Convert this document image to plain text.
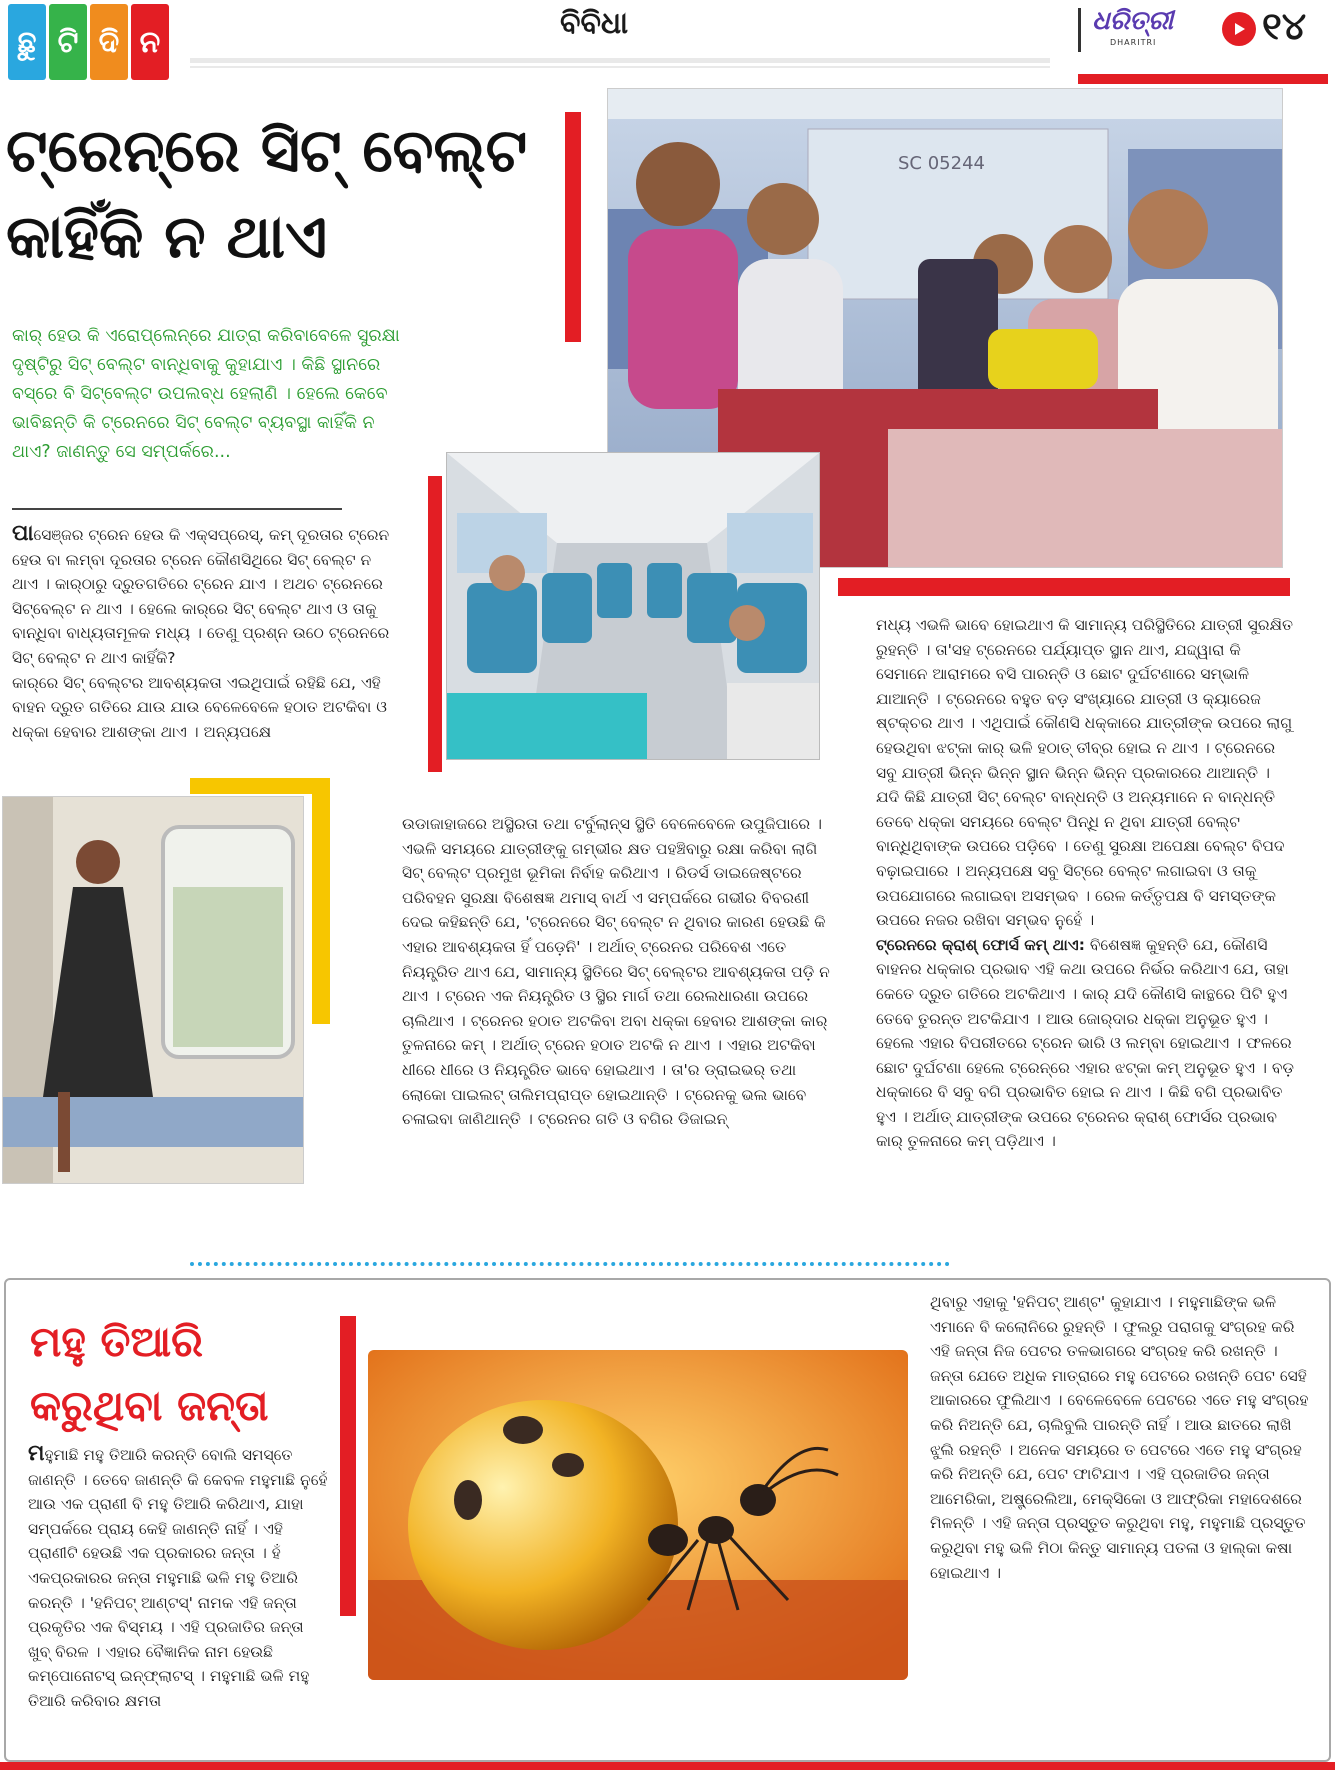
ଛୁ ଟି ଦି ନ
ବିବିଧା	ଧରିତ୍ରୀ
DHARITRI	୧୪
ଟ୍ରେନ୍‌ରେ ସିଟ୍ ବେଲ୍ଟ
କାହିଁକି ନ ଥାଏ
କାର୍ ହେଉ କି ଏରୋପ୍ଲେନ୍‌ରେ ଯାତ୍ରା କରିବାବେଳେ ସୁରକ୍ଷା ଦୃଷ୍ଟିରୁ ସିଟ୍ ବେଲ୍ଟ ବାନ୍ଧିବାକୁ କୁହାଯାଏ । କିଛି ସ୍ଥାନରେ ବସ୍‌ରେ ବି ସିଟ୍‌ବେଲ୍ଟ ଉପଲବ୍ଧ ହେଲାଣି । ହେଲେ କେବେ ଭାବିଛନ୍ତି କି ଟ୍ରେନରେ ସିଟ୍ ବେଲ୍ଟ ବ୍ୟବସ୍ଥା କାହିଁକି ନ ଥାଏ? ଜାଣନ୍ତୁ ସେ ସମ୍ପର୍କରେ...
SC 05244

ପାସେଞ୍ଜର ଟ୍ରେନ ହେଉ କି ଏକ୍ସପ୍ରେସ୍, କମ୍ ଦୂରତାର ଟ୍ରେନ ହେଉ ବା ଲମ୍ବା ଦୂରତାର ଟ୍ରେନ କୌଣସିଥିରେ ସିଟ୍ ବେଲ୍ଟ ନ ଥାଏ । କାର୍‌ଠାରୁ ଦ୍ରୁତଗତିରେ ଟ୍ରେନ ଯାଏ । ଅଥଚ ଟ୍ରେନରେ ସିଟ୍‌ବେଲ୍ଟ ନ ଥାଏ । ହେଲେ କାର୍‌ରେ ସିଟ୍ ବେଲ୍ଟ ଥାଏ ଓ ତାକୁ ବାନ୍ଧିବା ବାଧ୍ୟତାମୂଳକ ମଧ୍ୟ । ତେଣୁ ପ୍ରଶ୍ନ ଉଠେ ଟ୍ରେନରେ ସିଟ୍ ବେଲ୍ଟ ନ ଥାଏ କାହିଁକି?

କାର୍‌ରେ ସିଟ୍ ବେଲ୍ଟର ଆବଶ୍ୟକତା ଏଇଥିପାଇଁ ରହିଛି ଯେ, ଏହି ବାହନ ଦ୍ରୁତ ଗତିରେ ଯାଉ ଯାଉ ବେଳେବେଳେ ହଠାତ ଅଟକିବା ଓ ଧକ୍କା ହେବାର ଆଶଙ୍କା ଥାଏ । ଅନ୍ୟପକ୍ଷେ

ଉଡାଜାହାଜରେ ଅସ୍ଥିରତା ତଥା ଟର୍ବୁଲାନ୍ସ ସ୍ଥିତି ବେଳେବେଳେ ଉପୁଜିପାରେ । ଏଭଳି ସମୟରେ ଯାତ୍ରୀଙ୍କୁ ଗମ୍ଭୀର କ୍ଷତ ପହଞ୍ଚିବାରୁ ରକ୍ଷା କରିବା ଲାଗି ସିଟ୍ ବେଲ୍ଟ ପ୍ରମୁଖ ଭୂମିକା ନିର୍ବାହ କରିଥାଏ । ରିଡର୍ସ ଡାଇଜେଷ୍ଟରେ ପରିବହନ ସୁରକ୍ଷା ବିଶେଷଜ୍ଞ ଥମାସ୍ ବାର୍ଥ ଏ ସମ୍ପର୍କରେ ଗଭୀର ବିବରଣୀ ଦେଇ କହିଛନ୍ତି ଯେ, 'ଟ୍ରେନରେ ସିଟ୍ ବେଲ୍ଟ ନ ଥିବାର କାରଣ ହେଉଛି କି ଏହାର ଆବଶ୍ୟକତା ହିଁ ପଡ଼େନି' । ଅର୍ଥାତ୍ ଟ୍ରେନର ପରିବେଶ ଏତେ ନିୟନ୍ତ୍ରିତ ଥାଏ ଯେ, ସାମାନ୍ୟ ସ୍ଥିତିରେ ସିଟ୍ ବେଲ୍ଟର ଆବଶ୍ୟକତା ପଡ଼ି ନ ଥାଏ । ଟ୍ରେନ ଏକ ନିୟନ୍ତ୍ରିତ ଓ ସ୍ଥିର ମାର୍ଗ ତଥା ରେଲଧାରଣା ଉପରେ ଚାଲିଥାଏ । ଟ୍ରେନର ହଠାତ ଅଟକିବା ଅବା ଧକ୍କା ହେବାର ଆଶଙ୍କା କାର୍ ତୁଳନାରେ କମ୍ । ଅର୍ଥାତ୍ ଟ୍ରେନ ହଠାତ ଅଟକି ନ ଥାଏ । ଏହାର ଅଟକିବା ଧୀରେ ଧୀରେ ଓ ନିୟନ୍ତ୍ରିତ ଭାବେ ହୋଇଥାଏ । ତା'ର ଡ୍ରାଇଭର୍ ତଥା ଲୋକୋ ପାଇଲଟ୍ ତାଲିମପ୍ରାପ୍ତ ହୋଇଥାନ୍ତି । ଟ୍ରେନକୁ ଭଲ ଭାବେ ଚଳାଇବା ଜାଣିଥାନ୍ତି । ଟ୍ରେନର ଗତି ଓ ବଗିର ଡିଜାଇନ୍

ମଧ୍ୟ ଏଭଳି ଭାବେ ହୋଇଥାଏ କି ସାମାନ୍ୟ ପରିସ୍ଥିତିରେ ଯାତ୍ରୀ ସୁରକ୍ଷିତ ରୁହନ୍ତି । ତା'ସହ ଟ୍ରେନରେ ପର୍ଯ୍ୟାପ୍ତ ସ୍ଥାନ ଥାଏ, ଯଦ୍ଦ୍ୱାରା କି ସେମାନେ ଆରାମରେ ବସି ପାରନ୍ତି ଓ ଛୋଟ ଦୁର୍ଘଟଣାରେ ସମ୍ଭାଳି ଯାଆନ୍ତି । ଟ୍ରେନରେ ବହୁତ ବଡ଼ ସଂଖ୍ୟାରେ ଯାତ୍ରୀ ଓ କ୍ୟାରେଜ ଷ୍ଟକ୍ଚର ଥାଏ । ଏଥିପାଇଁ କୌଣସି ଧକ୍କାରେ ଯାତ୍ରୀଙ୍କ ଉପରେ ଲାଗୁ ହେଉଥିବା ଝଟ୍‌କା କାର୍ ଭଳି ହଠାତ୍ ତୀବ୍ର ହୋଇ ନ ଥାଏ । ଟ୍ରେନରେ ସବୁ ଯାତ୍ରୀ ଭିନ୍ନ ଭିନ୍ନ ସ୍ଥାନ ଭିନ୍ନ ଭିନ୍ନ ପ୍ରକାରରେ ଥାଆନ୍ତି । ଯଦି କିଛି ଯାତ୍ରୀ ସିଟ୍ ବେଲ୍ଟ ବାନ୍ଧନ୍ତି ଓ ଅନ୍ୟମାନେ ନ ବାନ୍ଧନ୍ତି ତେବେ ଧକ୍କା ସମୟରେ ବେଲ୍ଟ ପିନ୍ଧି ନ ଥିବା ଯାତ୍ରୀ ବେଲ୍ଟ ବାନ୍ଧିଥିବାଙ୍କ ଉପରେ ପଡ଼ିବେ । ତେଣୁ ସୁରକ୍ଷା ଅପେକ୍ଷା ବେଲ୍ଟ ବିପଦ ବଢ଼ାଇପାରେ । ଅନ୍ୟପକ୍ଷେ ସବୁ ସିଟ୍‌ରେ ବେଲ୍ଟ ଲଗାଇବା ଓ ତାକୁ ଉପଯୋଗରେ ଲଗାଇବା ଅସମ୍ଭବ । ରେଳ କର୍ତ୍ତୃପକ୍ଷ ବି ସମସ୍ତଙ୍କ ଉପରେ ନଜର ରଖିବା ସମ୍ଭବ ନୁହେଁ ।

ଟ୍ରେନରେ କ୍ରାଶ୍ ଫୋର୍ସ କମ୍ ଥାଏ: ବିଶେଷଜ୍ଞ କୁହନ୍ତି ଯେ, କୌଣସି ବାହନର ଧକ୍କାର ପ୍ରଭାବ ଏହି କଥା ଉପରେ ନିର୍ଭର କରିଥାଏ ଯେ, ତାହା କେତେ ଦ୍ରୁତ ଗତିରେ ଅଟକିଥାଏ । କାର୍ ଯଦି କୌଣସି କାନ୍ଥରେ ପିଟି ହୁଏ ତେବେ ତୁରନ୍ତ ଅଟକିଯାଏ । ଆଉ ଜୋର୍‌ଦାର ଧକ୍କା ଅନୁଭୂତ ହୁଏ । ହେଲେ ଏହାର ବିପରୀତରେ ଟ୍ରେନ ଭାରି ଓ ଲମ୍ବା ହୋଇଥାଏ । ଫଳରେ ଛୋଟ ଦୁର୍ଘଟଣା ହେଲେ ଟ୍ରେନ୍‌ରେ ଏହାର ଝଟ୍‌କା କମ୍ ଅନୁଭୂତ ହୁଏ । ବଡ଼ ଧକ୍କାରେ ବି ସବୁ ବଗି ପ୍ରଭାବିତ ହୋଇ ନ ଥାଏ । କିଛି ବଗି ପ୍ରଭାବିତ ହୁଏ । ଅର୍ଥାତ୍ ଯାତ୍ରୀଙ୍କ ଉପରେ ଟ୍ରେନର କ୍ରାଶ୍ ଫୋର୍ସର ପ୍ରଭାବ କାର୍ ତୁଳନାରେ କମ୍ ପଡ଼ିଥାଏ ।

ମହୁ ତିଆରି
କରୁଥିବା ଜନ୍ତା

ମହୁମାଛି ମହୁ ତିଆରି କରନ୍ତି ବୋଲି ସମସ୍ତେ ଜାଣନ୍ତି । ତେବେ ଜାଣନ୍ତି କି କେବଳ ମହୁମାଛି ନୁହେଁ ଆଉ ଏକ ପ୍ରାଣୀ ବି ମହୁ ତିଆରି କରିଥାଏ, ଯାହା ସମ୍ପର୍କରେ ପ୍ରାୟ କେହି ଜାଣନ୍ତି ନାହିଁ । ଏହି ପ୍ରାଣୀଟି ହେଉଛି ଏକ ପ୍ରକାରର ଜନ୍ତା । ହଁ ଏକପ୍ରକାରର ଜନ୍ତା ମହୁମାଛି ଭଳି ମହୁ ତିଆରି କରନ୍ତି । 'ହନିପଟ୍ ଆଣ୍ଟସ୍' ନାମକ ଏହି ଜନ୍ତା ପ୍ରକୃତିର ଏକ ବିସ୍ମୟ । ଏହି ପ୍ରଜାତିର ଜନ୍ତା ଖୁବ୍ ବିରଳ । ଏହାର ବୈଜ୍ଞାନିକ ନାମ ହେଉଛି କମ୍ପୋନୋଟସ୍ ଇନ୍‌ଫ୍ଲାଟସ୍ । ମହୁମାଛି ଭଳି ମହୁ ତିଆରି କରିବାର କ୍ଷମତା

ଥିବାରୁ ଏହାକୁ 'ହନିପଟ୍ ଆଣ୍ଟ' କୁହାଯାଏ । ମହୁମାଛିଙ୍କ ଭଳି ଏମାନେ ବି କଲୋନିରେ ରୁହନ୍ତି । ଫୁଲରୁ ପରାଗକୁ ସଂଗ୍ରହ କରି ଏହି ଜନ୍ତା ନିଜ ପେଟର ତଳଭାଗରେ ସଂଗ୍ରହ କରି ରଖନ୍ତି । ଜନ୍ତା ଯେତେ ଅଧିକ ମାତ୍ରାରେ ମହୁ ପେଟରେ ରଖନ୍ତି ପେଟ ସେହି ଆକାରରେ ଫୁଲିଥାଏ । ବେଳେବେଳେ ପେଟରେ ଏତେ ମହୁ ସଂଗ୍ରହ କରି ନିଅନ୍ତି ଯେ, ଚାଲିବୁଲି ପାରନ୍ତି ନାହିଁ । ଆଉ ଛାତରେ ଲାଖି ଝୁଲି ରହନ୍ତି । ଅନେକ ସମୟରେ ତ ପେଟରେ ଏତେ ମହୁ ସଂଗ୍ରହ କରି ନିଅନ୍ତି ଯେ, ପେଟ ଫାଟିଯାଏ । ଏହି ପ୍ରଜାତିର ଜନ୍ତା ଆମେରିକା, ଅଷ୍ଟ୍ରେଲିଆ, ମେକ୍ସିକୋ ଓ ଆଫ୍ରିକା ମହାଦେଶରେ ମିଳନ୍ତି । ଏହି ଜନ୍ତା ପ୍ରସ୍ତୁତ କରୁଥିବା ମହୁ, ମହୁମାଛି ପ୍ରସ୍ତୁତ କରୁଥିବା ମହୁ ଭଳି ମିଠା କିନ୍ତୁ ସାମାନ୍ୟ ପତଳା ଓ ହାଲ୍‌କା କଷା ହୋଇଥାଏ ।
